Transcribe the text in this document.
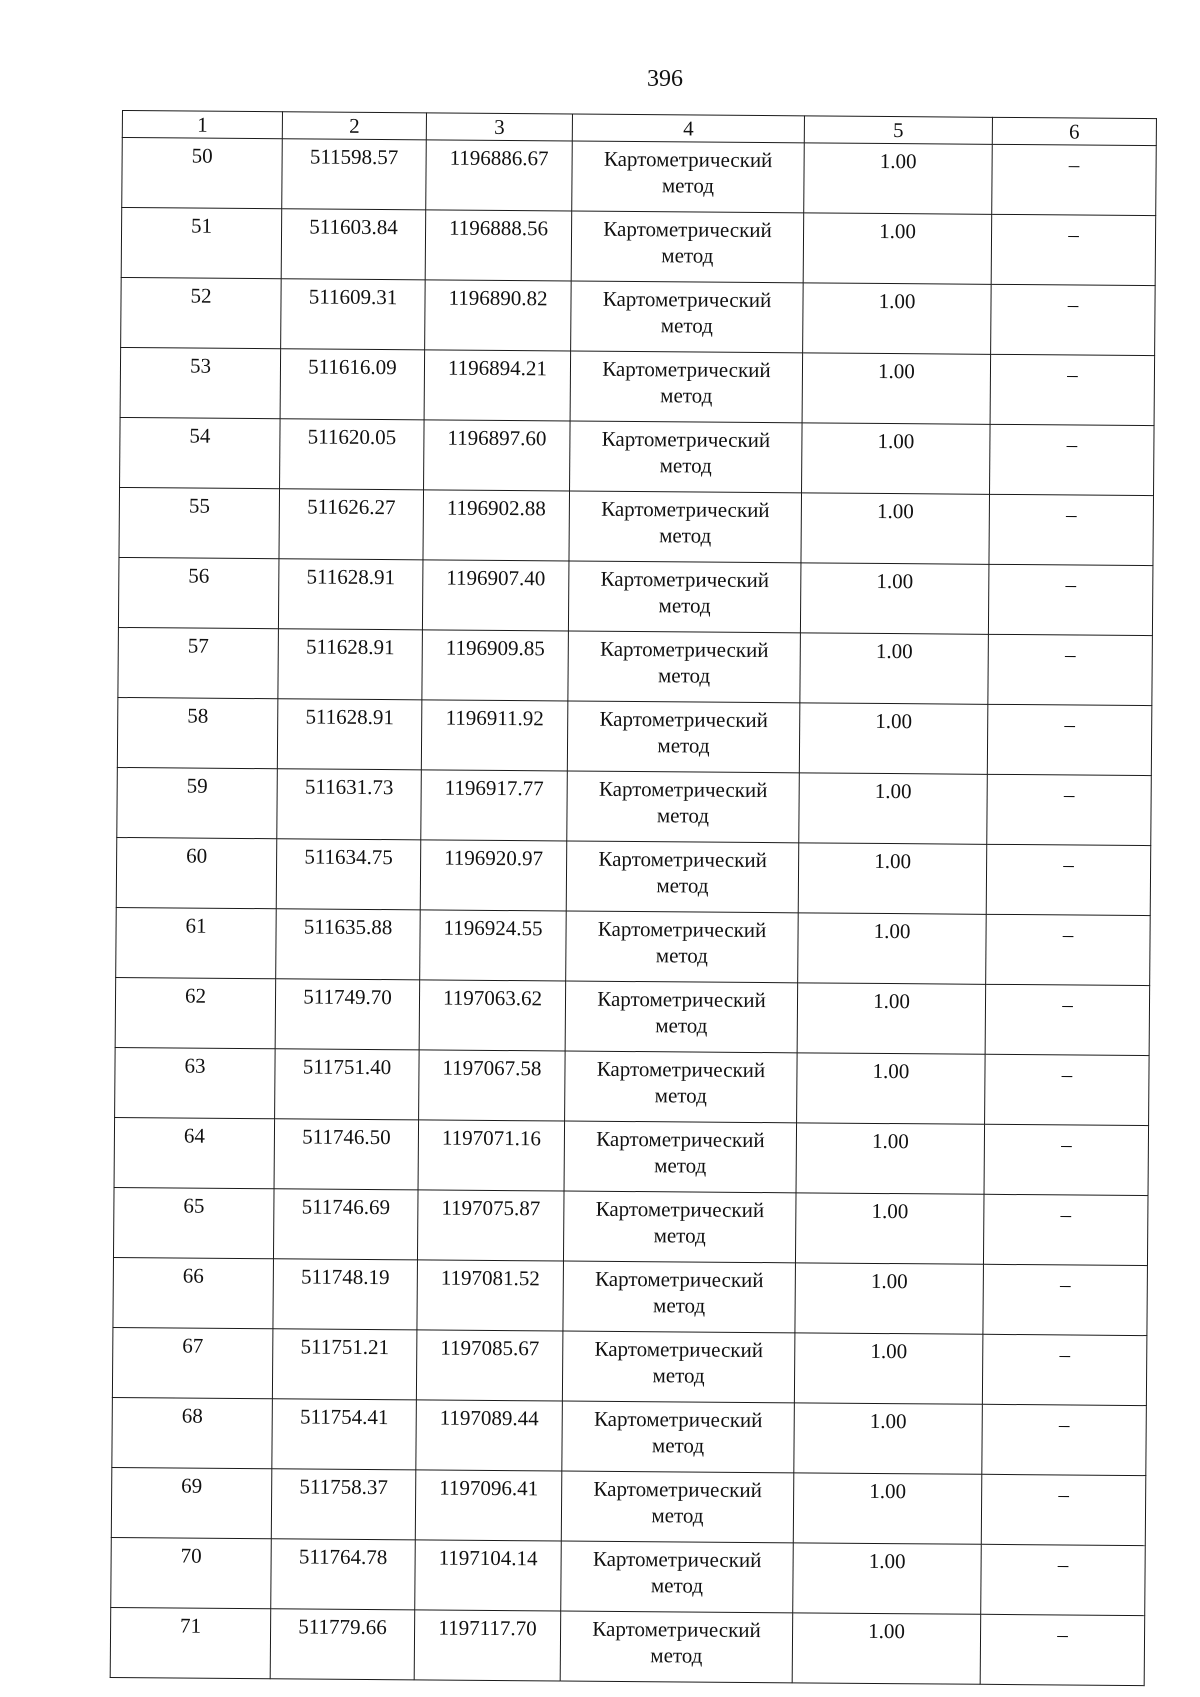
396
1	2	3	4	5	6
50	511598.57	1196886.67	Картометрический
метод	1.00	–
51	511603.84	1196888.56	Картометрический
метод	1.00	–
52	511609.31	1196890.82	Картометрический
метод	1.00	–
53	511616.09	1196894.21	Картометрический
метод	1.00	–
54	511620.05	1196897.60	Картометрический
метод	1.00	–
55	511626.27	1196902.88	Картометрический
метод	1.00	–
56	511628.91	1196907.40	Картометрический
метод	1.00	–
57	511628.91	1196909.85	Картометрический
метод	1.00	–
58	511628.91	1196911.92	Картометрический
метод	1.00	–
59	511631.73	1196917.77	Картометрический
метод	1.00	–
60	511634.75	1196920.97	Картометрический
метод	1.00	–
61	511635.88	1196924.55	Картометрический
метод	1.00	–
62	511749.70	1197063.62	Картометрический
метод	1.00	–
63	511751.40	1197067.58	Картометрический
метод	1.00	–
64	511746.50	1197071.16	Картометрический
метод	1.00	–
65	511746.69	1197075.87	Картометрический
метод	1.00	–
66	511748.19	1197081.52	Картометрический
метод	1.00	–
67	511751.21	1197085.67	Картометрический
метод	1.00	–
68	511754.41	1197089.44	Картометрический
метод	1.00	–
69	511758.37	1197096.41	Картометрический
метод	1.00	–
70	511764.78	1197104.14	Картометрический
метод	1.00	–
71	511779.66	1197117.70	Картометрический
метод	1.00	–
